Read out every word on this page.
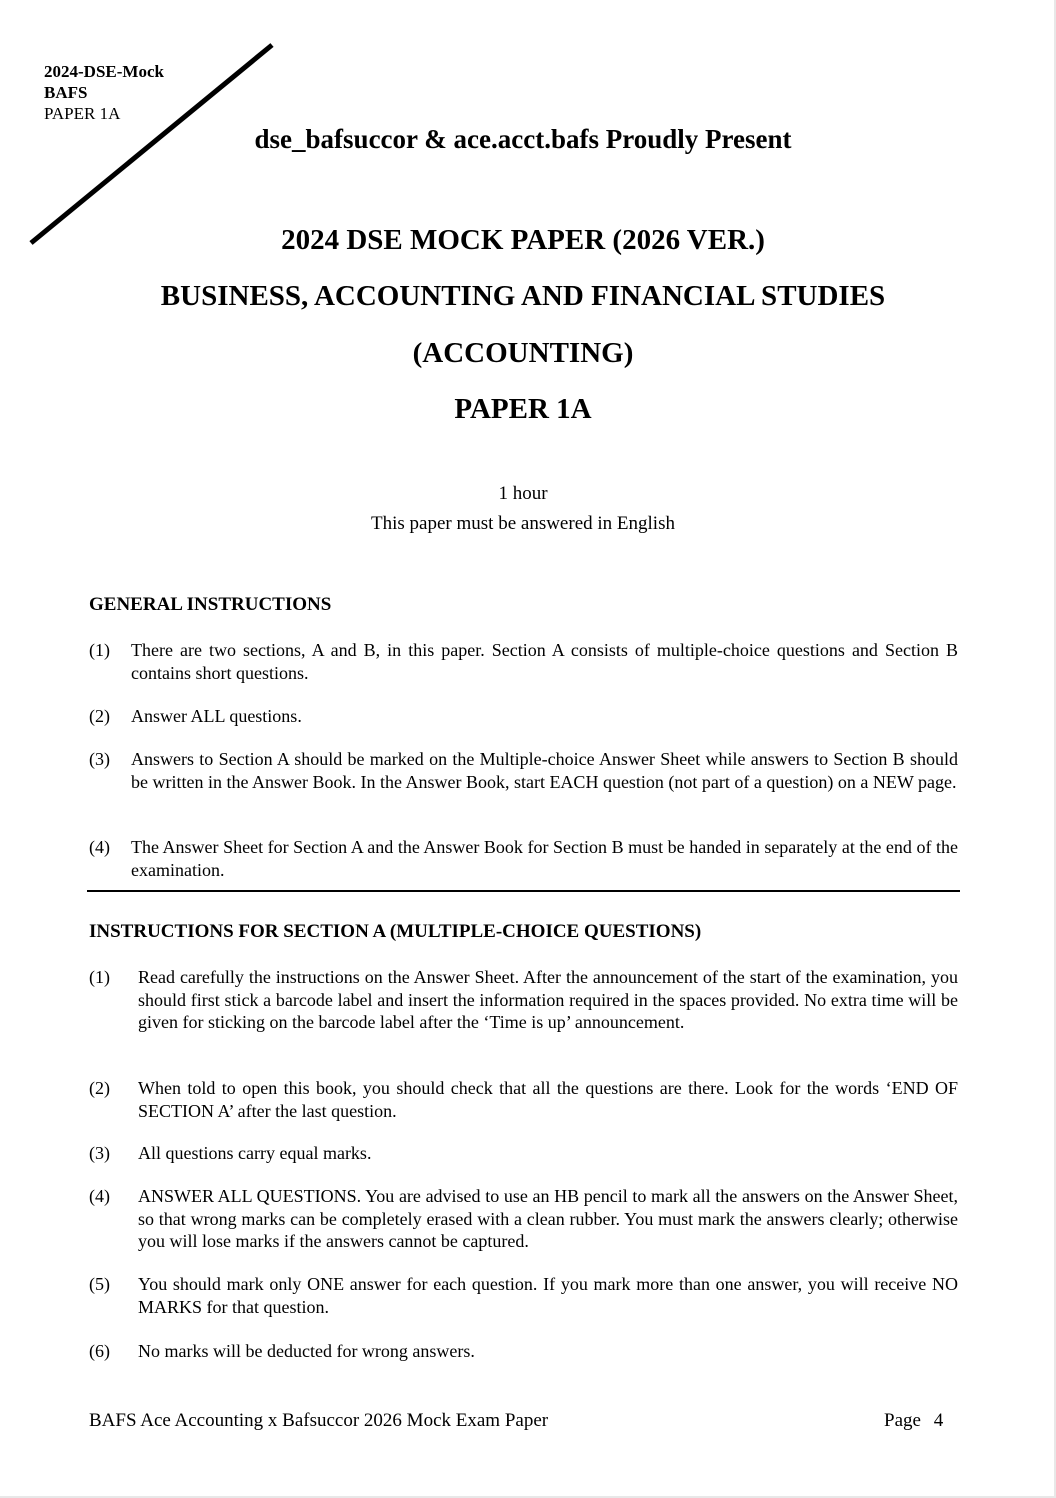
2024-DSE-Mock
BAFS
PAPER 1A
dse_bafsuccor & ace.acct.bafs Proudly Present
2024 DSE MOCK PAPER (2026 VER.)
BUSINESS, ACCOUNTING AND FINANCIAL STUDIES
(ACCOUNTING)
PAPER 1A
1 hour
This paper must be answered in English
GENERAL INSTRUCTIONS
(1) There are two sections, A and B, in this paper. Section A consists of multiple-choice questions and Section B contains short questions.
(2) Answer ALL questions.
(3) Answers to Section A should be marked on the Multiple-choice Answer Sheet while answers to Section B should be written in the Answer Book. In the Answer Book, start EACH question (not part of a question) on a NEW page.
(4) The Answer Sheet for Section A and the Answer Book for Section B must be handed in separately at the end of the examination.
INSTRUCTIONS FOR SECTION A (MULTIPLE-CHOICE QUESTIONS)
(1) Read carefully the instructions on the Answer Sheet. After the announcement of the start of the examination, you should first stick a barcode label and insert the information required in the spaces provided. No extra time will be given for sticking on the barcode label after the ‘Time is up’ announcement.
(2) When told to open this book, you should check that all the questions are there. Look for the words ‘END OF SECTION A’ after the last question.
(3) All questions carry equal marks.
(4) ANSWER ALL QUESTIONS. You are advised to use an HB pencil to mark all the answers on the Answer Sheet, so that wrong marks can be completely erased with a clean rubber. You must mark the answers clearly; otherwise you will lose marks if the answers cannot be captured.
(5) You should mark only ONE answer for each question. If you mark more than one answer, you will receive NO MARKS for that question.
(6) No marks will be deducted for wrong answers.
BAFS Ace Accounting x Bafsuccor 2026 Mock Exam Paper	Page 4
